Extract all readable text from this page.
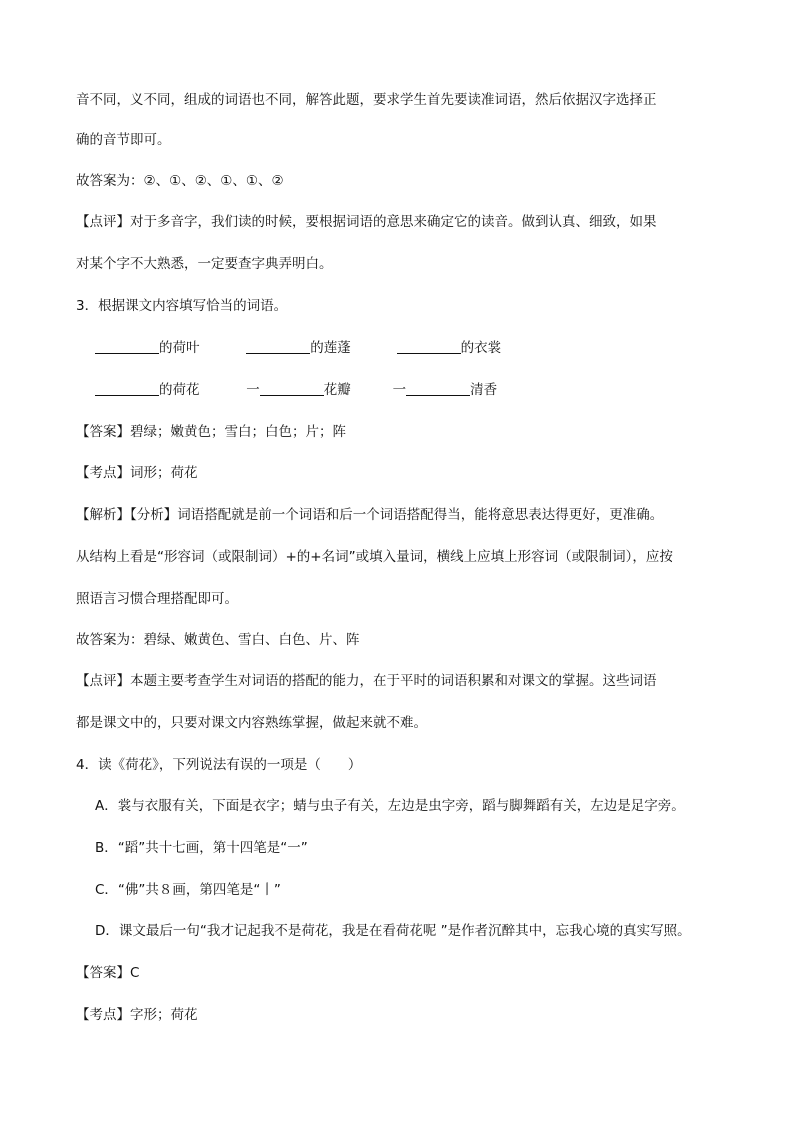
音不同，义不同，组成的词语也不同，解答此题，要求学生首先要读准词语，然后依据汉字选择正
确的音节即可。
故答案为：②、①、②、①、①、②
【点评】对于多音字，我们读的时候，要根据词语的意思来确定它的读音。做到认真、细致，如果
对某个字不大熟悉，一定要查字典弄明白。
3．根据课文内容填写恰当的词语。
的荷叶	的莲蓬	的衣裳
的荷花	一	花瓣	一	清香
【答案】碧绿；嫩黄色；雪白；白色；片；阵
【考点】词形；荷花
【解析】【分析】词语搭配就是前一个词语和后一个词语搭配得当，能将意思表达得更好，更准确。
从结构上看是“形容词（或限制词）+的+名词”或填入量词，横线上应填上形容词（或限制词），应按
照语言习惯合理搭配即可。
故答案为：碧绿、嫩黄色、雪白、白色、片、阵
【点评】本题主要考查学生对词语的搭配的能力，在于平时的词语积累和对课文的掌握。这些词语
都是课文中的，只要对课文内容熟练掌握，做起来就不难。
4．读《荷花》，下列说法有误的一项是（　　）
A．裳与衣服有关，下面是衣字；蜻与虫子有关，左边是虫字旁，蹈与脚舞蹈有关，左边是足字旁。
B．“蹈”共十七画，第十四笔是“一”
C．“佛”共８画，第四笔是“丨”
D．课文最后一句“我才记起我不是荷花，我是在看荷花呢 ”是作者沉醉其中，忘我心境的真实写照。
【答案】C
【考点】字形；荷花
